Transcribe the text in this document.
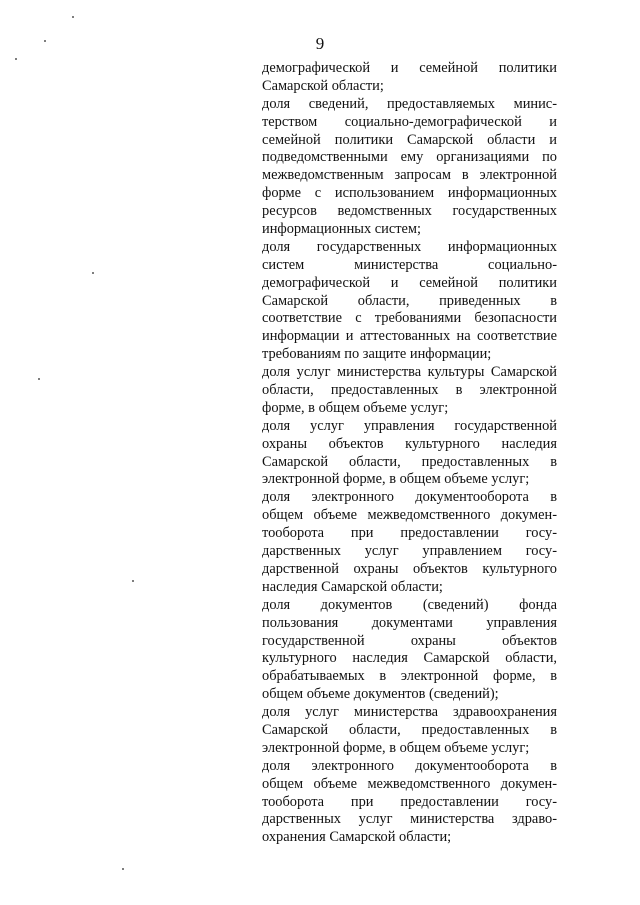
9
демографической и семейной политики
Самарской области;
доля сведений, предоставляемых минис-
терством социально-демографической и
семейной политики Самарской области и
подведомственными ему организациями по
межведомственным запросам в электронной
форме с использованием информационных
ресурсов ведомственных государственных
информационных систем;
доля государственных информационных
систем министерства социально-
демографической и семейной политики
Самарской области, приведенных в
соответствие с требованиями безопасности
информации и аттестованных на соответствие
требованиям по защите информации;
доля услуг министерства культуры Самарской
области, предоставленных в электронной
форме, в общем объеме услуг;
доля услуг управления государственной
охраны объектов культурного наследия
Самарской области, предоставленных в
электронной форме, в общем объеме услуг;
доля электронного документооборота в
общем объеме межведомственного докумен-
тооборота при предоставлении госу-
дарственных услуг управлением госу-
дарственной охраны объектов культурного
наследия Самарской области;
доля документов (сведений) фонда
пользования документами управления
государственной охраны объектов
культурного наследия Самарской области,
обрабатываемых в электронной форме, в
общем объеме документов (сведений);
доля услуг министерства здравоохранения
Самарской области, предоставленных в
электронной форме, в общем объеме услуг;
доля электронного документооборота в
общем объеме межведомственного докумен-
тооборота при предоставлении госу-
дарственных услуг министерства здраво-
охранения Самарской области;
